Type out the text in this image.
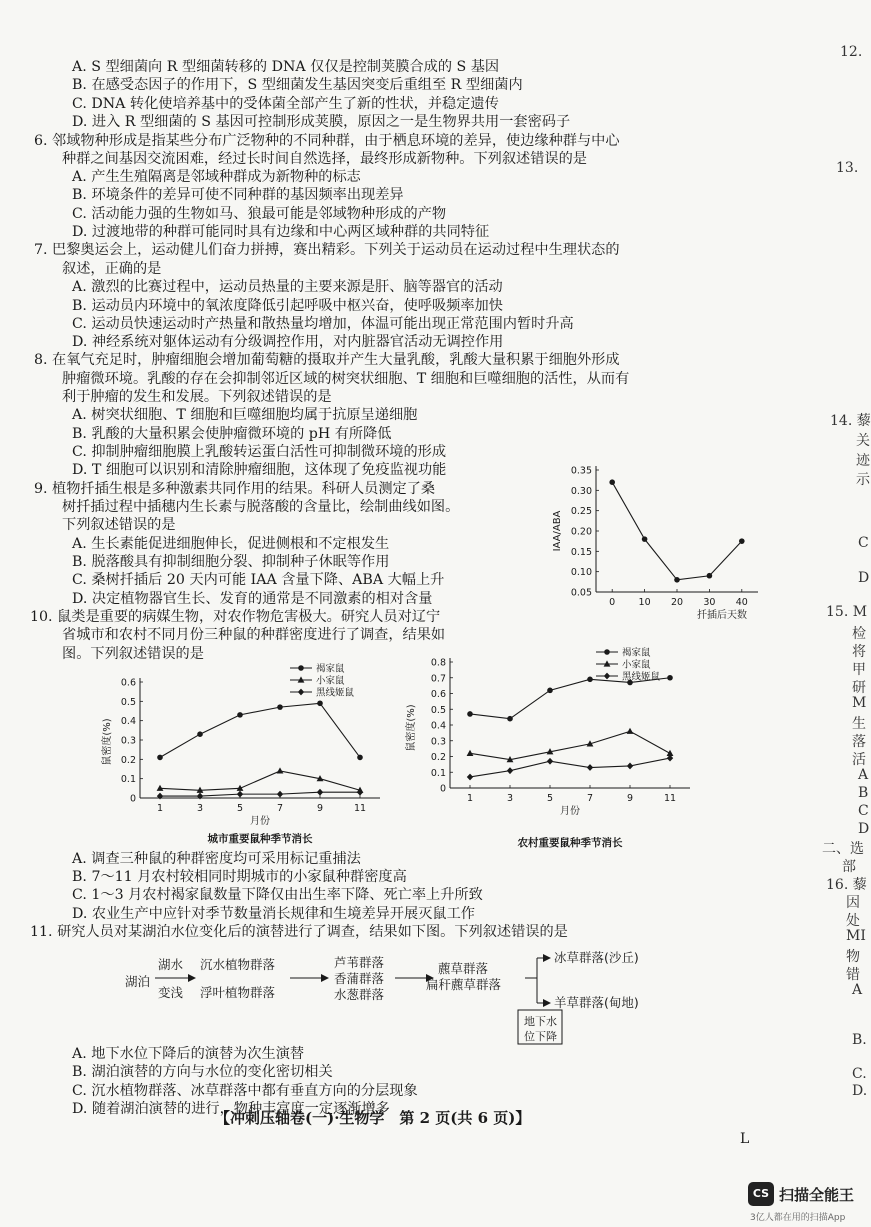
A. S 型细菌向 R 型细菌转移的 DNA 仅仅是控制荚膜合成的 S 基因
B. 在感受态因子的作用下，S 型细菌发生基因突变后重组至 R 型细菌内
C. DNA 转化使培养基中的受体菌全部产生了新的性状，并稳定遗传
D. 进入 R 型细菌的 S 基因可控制形成荚膜，原因之一是生物界共用一套密码子
6. 邻域物种形成是指某些分布广泛物种的不同种群，由于栖息环境的差异，使边缘种群与中心
种群之间基因交流困难，经过长时间自然选择，最终形成新物种。下列叙述错误的是
A. 产生生殖隔离是邻域种群成为新物种的标志
B. 环境条件的差异可使不同种群的基因频率出现差异
C. 活动能力强的生物如马、狼最可能是邻域物种形成的产物
D. 过渡地带的种群可能同时具有边缘和中心两区域种群的共同特征
7. 巴黎奥运会上，运动健儿们奋力拼搏，赛出精彩。下列关于运动员在运动过程中生理状态的
叙述，正确的是
A. 激烈的比赛过程中，运动员热量的主要来源是肝、脑等器官的活动
B. 运动员内环境中的氧浓度降低引起呼吸中枢兴奋，使呼吸频率加快
C. 运动员快速运动时产热量和散热量均增加，体温可能出现正常范围内暂时升高
D. 神经系统对躯体运动有分级调控作用，对内脏器官活动无调控作用
8. 在氧气充足时，肿瘤细胞会增加葡萄糖的摄取并产生大量乳酸，乳酸大量积累于细胞外形成
肿瘤微环境。乳酸的存在会抑制邻近区域的树突状细胞、T 细胞和巨噬细胞的活性，从而有
利于肿瘤的发生和发展。下列叙述错误的是
A. 树突状细胞、T 细胞和巨噬细胞均属于抗原呈递细胞
B. 乳酸的大量积累会使肿瘤微环境的 pH 有所降低
C. 抑制肿瘤细胞膜上乳酸转运蛋白活性可抑制微环境的形成
D. T 细胞可以识别和清除肿瘤细胞，这体现了免疫监视功能
9. 植物扦插生根是多种激素共同作用的结果。科研人员测定了桑
树扦插过程中插穗内生长素与脱落酸的含量比，绘制曲线如图。
下列叙述错误的是
A. 生长素能促进细胞伸长，促进侧根和不定根发生
B. 脱落酸具有抑制细胞分裂、抑制种子休眠等作用
C. 桑树扦插后 20 天内可能 IAA 含量下降、ABA 大幅上升
D. 决定植物器官生长、发育的通常是不同激素的相对含量
10. 鼠类是重要的病媒生物，对农作物危害极大。研究人员对辽宁
省城市和农村不同月份三种鼠的种群密度进行了调查，结果如
图。下列叙述错误的是
A. 调查三种鼠的种群密度均可采用标记重捕法
B. 7～11 月农村较相同时期城市的小家鼠种群密度高
C. 1～3 月农村褐家鼠数量下降仅由出生率下降、死亡率上升所致
D. 农业生产中应针对季节数量消长规律和生境差异开展灭鼠工作
11. 研究人员对某湖泊水位变化后的演替进行了调查，结果如下图。下列叙述错误的是
A. 地下水位下降后的演替为次生演替
B. 湖泊演替的方向与水位的变化密切相关
C. 沉水植物群落、冰草群落中都有垂直方向的分层现象
D. 随着湖泊演替的进行，物种丰富度一定逐渐增多
12.
13.
14. 藜
关
迹
示
C
D
15. M
检
将
甲
研
M
生
落
活
A
B
C
D
二、选
部
16. 藜
因
处
MI
物
错
A
B.
C.
D.
0.05
0.10
0.15
0.20
0.25
0.30
0.35
0 10 20 30 40
扦插后天数
IAA/ABA
0
0.1
0.2
0.3
0.4
0.5
0.6
1	3	5	7	9	11
月份
鼠密度(%)
城市重要鼠种季节消长
褐家鼠
小家鼠
黑线姬鼠
0
0.1
0.2
0.3
0.4
0.5
0.6
0.7
0.8
1	3	5	7	9	11
月份
鼠密度(%)
农村重要鼠种季节消长
褐家鼠
小家鼠
黑线姬鼠
湖泊
湖水
变浅
沉水植物群落
浮叶植物群落
芦苇群落
香蒲群落
水葱群落
藨草群落
扁秆藨草群落
冰草群落(沙丘)
羊草群落(甸地)
地下水
位下降
【冲刺压轴卷(一)·生物学　第 2 页(共 6 页)】
L
CS 扫描全能王
3亿人都在用的扫描App
